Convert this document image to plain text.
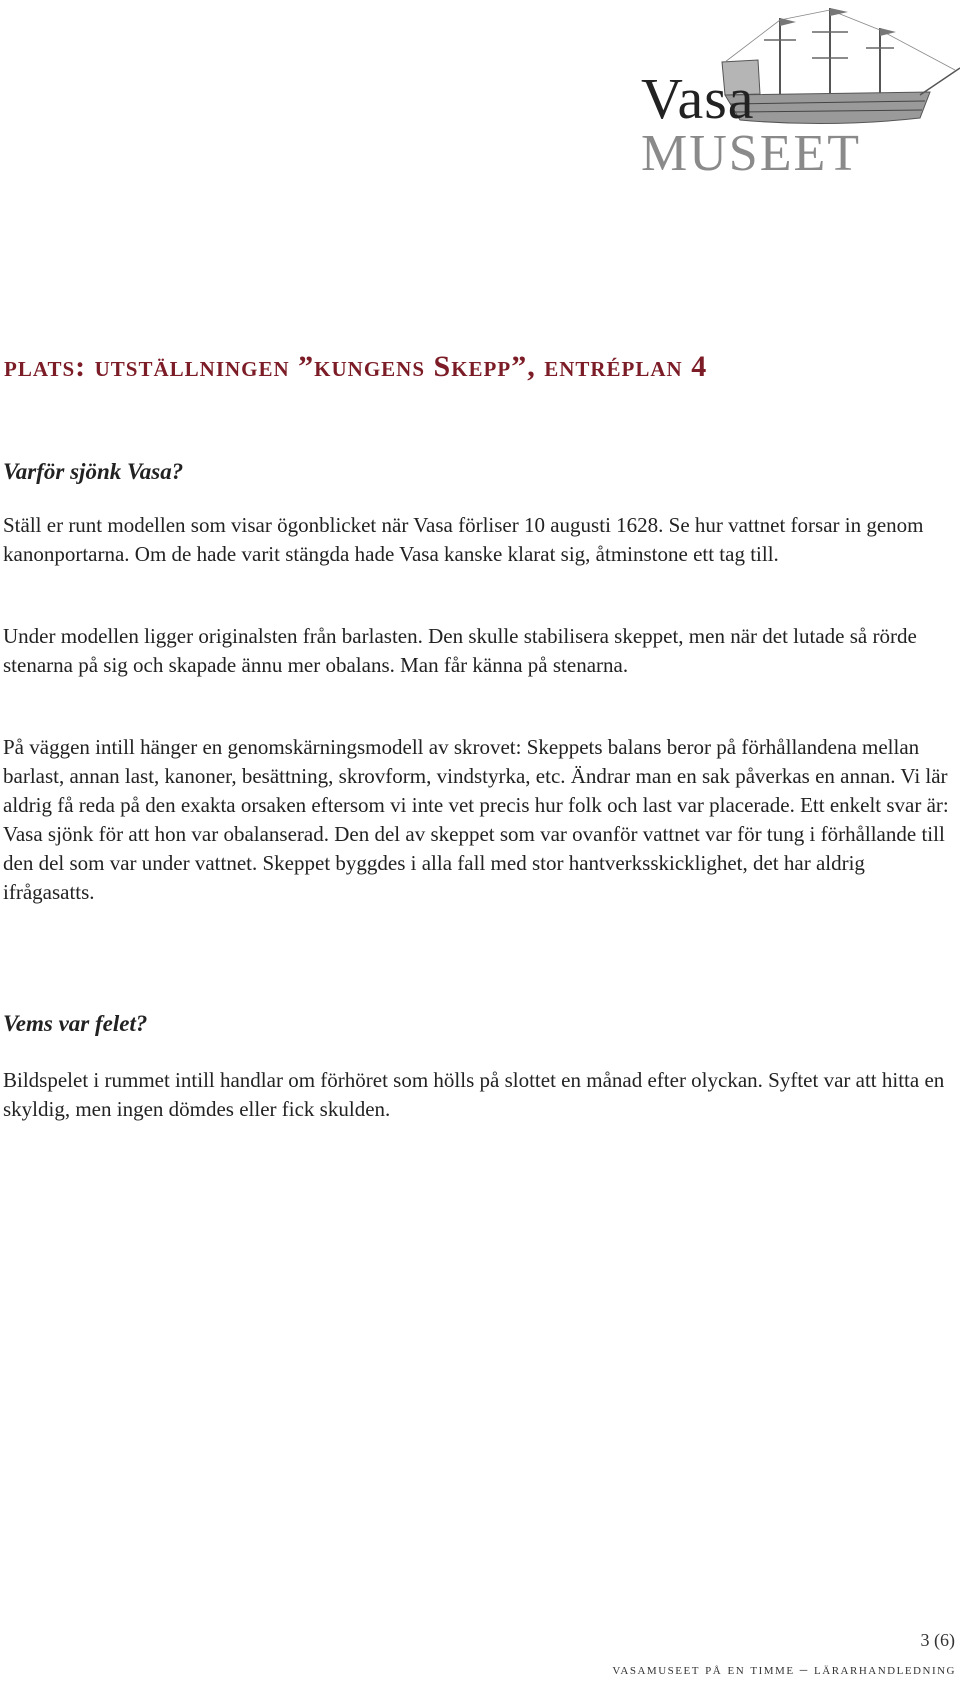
Vasa
MUSEET
plats: utställningen ”kungens Skepp”, entréplan 4
Varför sjönk Vasa?

Ställ er runt modellen som visar ögonblicket när Vasa förliser 10 augusti 1628. Se hur vattnet forsar in genom kanonportarna. Om de hade varit stängda hade Vasa kanske klarat sig, åtminstone ett tag till.

Under modellen ligger originalsten från barlasten. Den skulle stabilisera skeppet, men när det lutade så rörde stenarna på sig och skapade ännu mer obalans. Man får känna på stenarna.

På väggen intill hänger en genomskärningsmodell av skrovet: Skeppets balans beror på förhållandena mellan barlast, annan last, kanoner, besättning, skrovform, vindstyrka, etc. Ändrar man en sak påverkas en annan. Vi lär aldrig få reda på den exakta orsaken eftersom vi inte vet precis hur folk och last var placerade. Ett enkelt svar är: Vasa sjönk för att hon var obalanserad. Den del av skeppet som var ovanför vattnet var för tung i förhållande till den del som var under vattnet. Skeppet byggdes i alla fall med stor hantverksskicklighet, det har aldrig ifrågasatts.

Vems var felet?

Bildspelet i rummet intill handlar om förhöret som hölls på slottet en månad efter olyckan. Syftet var att hitta en skyldig, men ingen dömdes eller fick skulden.

3 (6)
vasamuseet på en timme – lärarhandledning
